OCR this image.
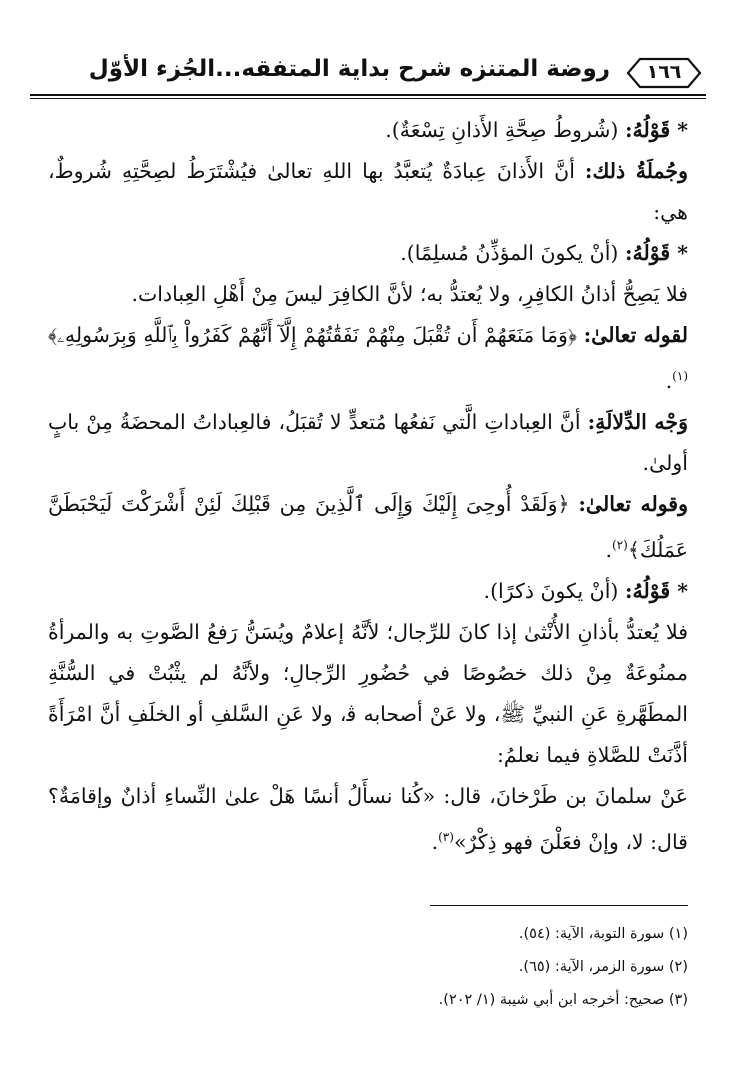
١٦٦
روضة المتنزه شرح بداية المتفقه...الجُزء الأوّل

* قَوْلُهُ: (شُروطُ صِحَّةِ الأَذانِ تِسْعَةٌ).

وجُملَةُ ذلك: أنَّ الأَذانَ عِبادَةٌ يُتعبَّدُ بها اللهِ تعالىٰ فيُشْتَرَطُ لصِحَّتِهِ شُروطٌ، هي:

* قَوْلُهُ: (أنْ يكونَ المؤذِّنُ مُسلِمًا).

فلا يَصِحُّ أذانُ الكافِرِ، ولا يُعتدُّ به؛ لأنَّ الكافِرَ ليسَ مِنْ أَهْلِ العِبادات.

لقوله تعالىٰ: ﴿وَمَا مَنَعَهُمْ أَن تُقْبَلَ مِنْهُمْ نَفَقَٰتُهُمْ إِلَّآ أَنَّهُمْ كَفَرُواْ بِٱللَّهِ وَبِرَسُولِهِۦ﴾$^{(١)}$.

وَجْه الدِّلالَةِ: أنَّ العِباداتِ الَّتي نَفعُها مُتعدٍّ لا تُقبَلُ، فالعِباداتُ المحضَةُ مِنْ بابٍ أولىٰ.

وقوله تعالىٰ: ﴿وَلَقَدْ أُوحِىَ إِلَيْكَ وَإِلَى ٱلَّذِينَ مِن قَبْلِكَ لَئِنْ أَشْرَكْتَ لَيَحْبَطَنَّ عَمَلُكَ﴾$^{(٢)}$.

* قَوْلُهُ: (أنْ يكونَ ذكرًا).

فلا يُعتدُّ بأذانِ الأُنْثىٰ إذا كانَ للرِّجال؛ لأنَّهُ إعلامٌ ويُسَنُّ رَفعُ الصَّوتِ به والمرأةُ ممنُوعَةٌ مِنْ ذلك خصُوصًا في حُضُورِ الرِّجالِ؛ ولأنَّهُ لم يثْبُتْ في السُّنَّةِ المطَهَّرةِ عَنِ النبيِّ ﷺ، ولا عَنْ أصحابه ﭬ، ولا عَنِ السَّلفِ أو الخلَفِ أنَّ امْرَأَةً أذَّنَتْ للصَّلاةِ فيما نعلمُ:

عَنْ سلمانَ بن طَرْخانَ، قال: «كُنا نسأَلُ أنسًا هَلْ علىٰ النِّساءِ أذانٌ وإقامَةٌ؟ قال: لا، وإنْ فعَلْنَ فهو ذِكْرٌ»$^{(٣)}$.

(١) سورة التوبة، الآية: (٥٤).
(٢) سورة الزمر، الآية: (٦٥).
(٣) صحيح: أخرجه ابن أبي شيبة (١/ ٢٠٢).
